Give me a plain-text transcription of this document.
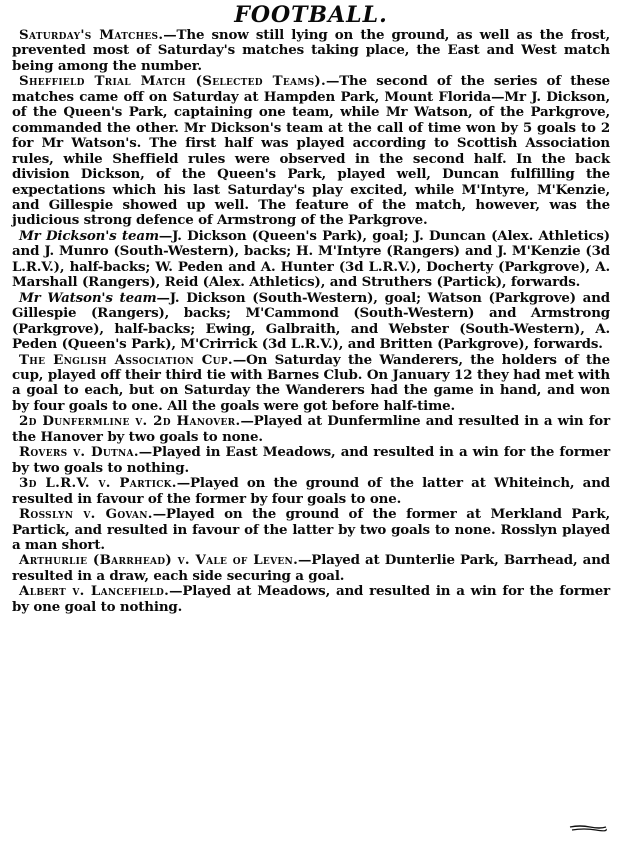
FOOTBALL.

Saturday's Matches.—The snow still lying on the ground, as well as the frost, prevented most of Saturday's matches taking place, the East and West match being among the number.

Sheffield Trial Match (Selected Teams).—The second of the series of these matches came off on Saturday at Hampden Park, Mount Florida—Mr J. Dickson, of the Queen's Park, captaining one team, while Mr Watson, of the Parkgrove, commanded the other. Mr Dickson's team at the call of time won by 5 goals to 2 for Mr Watson's. The first half was played according to Scottish Association rules, while Sheffield rules were observed in the second half. In the back division Dickson, of the Queen's Park, played well, Duncan fulfilling the expectations which his last Saturday's play excited, while M'Intyre, M'Kenzie, and Gillespie showed up well. The feature of the match, however, was the judicious strong defence of Armstrong of the Parkgrove.

Mr Dickson's team—J. Dickson (Queen's Park), goal; J. Duncan (Alex. Athletics) and J. Munro (South-Western), backs; H. M'Intyre (Rangers) and J. M'Kenzie (3d L.R.V.), half-backs; W. Peden and A. Hunter (3d L.R.V.), Docherty (Parkgrove), A. Marshall (Rangers), Reid (Alex. Athletics), and Struthers (Partick), forwards.

Mr Watson's team—J. Dickson (South-Western), goal; Watson (Parkgrove) and Gillespie (Rangers), backs; M'Cammond (South-Western) and Armstrong (Parkgrove), half-backs; Ewing, Galbraith, and Webster (South-Western), A. Peden (Queen's Park), M'Crirrick (3d L.R.V.), and Britten (Parkgrove), forwards.

The English Association Cup.—On Saturday the Wanderers, the holders of the cup, played off their third tie with Barnes Club. On January 12 they had met with a goal to each, but on Saturday the Wanderers had the game in hand, and won by four goals to one. All the goals were got before half-time.

2d Dunfermline v. 2d Hanover.—Played at Dunfermline and resulted in a win for the Hanover by two goals to none.

Rovers v. Dutna.—Played in East Meadows, and resulted in a win for the former by two goals to nothing.

3d L.R.V. v. Partick.—Played on the ground of the latter at Whiteinch, and resulted in favour of the former by four goals to one.

Rosslyn v. Govan.—Played on the ground of the former at Merkland Park, Partick, and resulted in favour of the latter by two goals to none. Rosslyn played a man short.

Arthurlie (Barrhead) v. Vale of Leven.—Played at Dunterlie Park, Barrhead, and resulted in a draw, each side securing a goal.

Albert v. Lancefield.—Played at Meadows, and resulted in a win for the former by one goal to nothing.
